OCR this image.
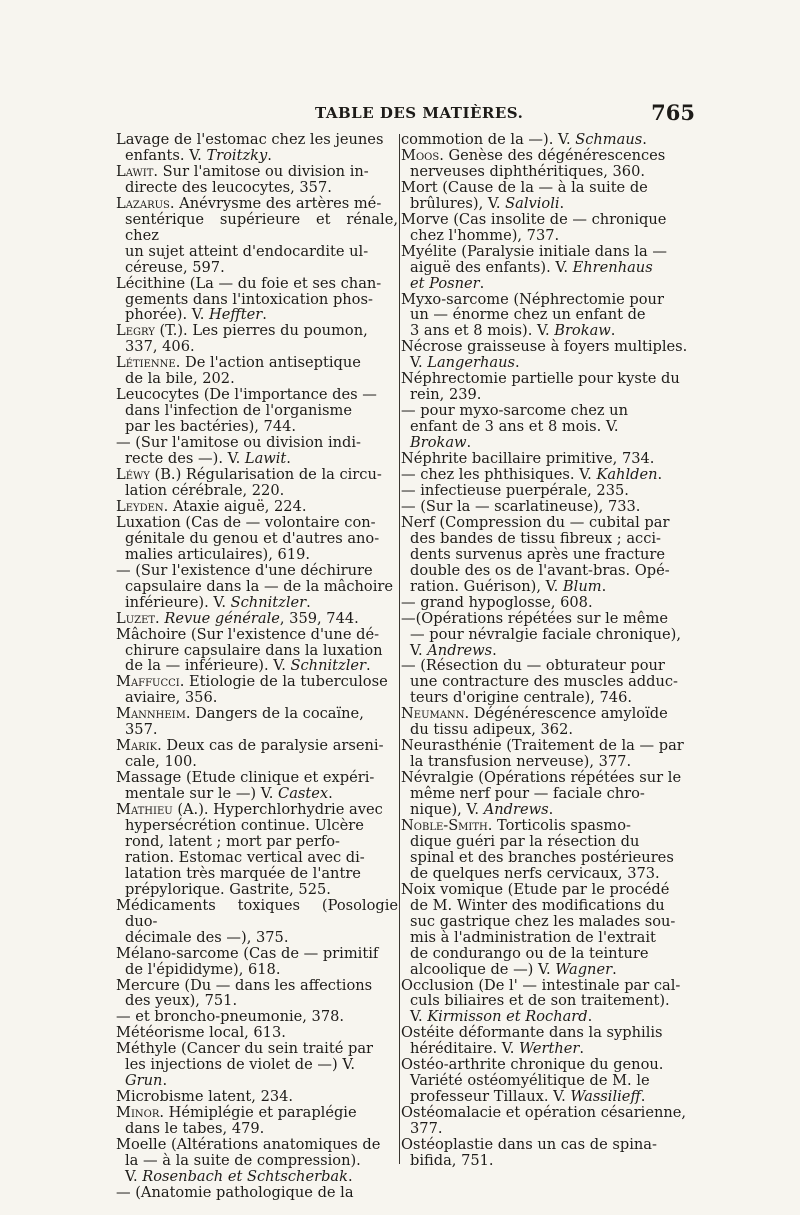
TABLE DES MATIÈRES.	765

Lavage de l'estomac chez les jeunes
enfants. V. Troitzky.

Lawit. Sur l'amitose ou division in-
directe des leucocytes, 357.

Lazarus. Anévrysme des artères mé-
sentérique supérieure et rénale, chez
un sujet atteint d'endocardite ul-
céreuse, 597.

Lécithine (La — du foie et ses chan-
gements dans l'intoxication phos-
phorée). V. Heffter.

Legry (T.). Les pierres du poumon,
337, 406.

Létienne. De l'action antiseptique
de la bile, 202.

Leucocytes (De l'importance des —
dans l'infection de l'organisme
par les bactéries), 744.

— (Sur l'amitose ou division indi-
recte des —). V. Lawit.

Léwy (B.) Régularisation de la circu-
lation cérébrale, 220.

Leyden. Ataxie aiguë, 224.

Luxation (Cas de — volontaire con-
génitale du genou et d'autres ano-
malies articulaires), 619.

— (Sur l'existence d'une déchirure
capsulaire dans la — de la mâchoire
inférieure). V. Schnitzler.

Luzet. Revue générale, 359, 744.

Mâchoire (Sur l'existence d'une dé-
chirure capsulaire dans la luxation
de la — inférieure). V. Schnitzler.

Maffucci. Etiologie de la tuberculose
aviaire, 356.

Mannheim. Dangers de la cocaïne,
357.

Marik. Deux cas de paralysie arseni-
cale, 100.

Massage (Etude clinique et expéri-
mentale sur le —) V. Castex.

Mathieu (A.). Hyperchlorhydrie avec
hypersécrétion continue. Ulcère
rond, latent ; mort par perfo-
ration. Estomac vertical avec di-
latation très marquée de l'antre
prépylorique. Gastrite, 525.

Médicaments toxiques (Posologie duo-
décimale des —), 375.

Mélano-sarcome (Cas de — primitif
de l'épididyme), 618.

Mercure (Du — dans les affections
des yeux), 751.

— et broncho-pneumonie, 378.

Météorisme local, 613.

Méthyle (Cancer du sein traité par
les injections de violet de —) V.
Grun.

Microbisme latent, 234.

Minor. Hémiplégie et paraplégie
dans le tabes, 479.

Moelle (Altérations anatomiques de
la — à la suite de compression).
V. Rosenbach et Schtscherbak.

— (Anatomie pathologique de la

commotion de la —). V. Schmaus.

Moos. Genèse des dégénérescences
nerveuses diphthéritiques, 360.

Mort (Cause de la — à la suite de
brûlures), V. Salvioli.

Morve (Cas insolite de — chronique
chez l'homme), 737.

Myélite (Paralysie initiale dans la —
aiguë des enfants). V. Ehrenhaus
et Posner.

Myxo-sarcome (Néphrectomie pour
un — énorme chez un enfant de
3 ans et 8 mois). V. Brokaw.

Nécrose graisseuse à foyers multiples.
V. Langerhaus.

Néphrectomie partielle pour kyste du
rein, 239.

— pour myxo-sarcome chez un
enfant de 3 ans et 8 mois. V.
Brokaw.

Néphrite bacillaire primitive, 734.

— chez les phthisiques. V. Kahlden.

— infectieuse puerpérale, 235.

— (Sur la — scarlatineuse), 733.

Nerf (Compression du — cubital par
des bandes de tissu fibreux ; acci-
dents survenus après une fracture
double des os de l'avant-bras. Opé-
ration. Guérison), V. Blum.

— grand hypoglosse, 608.

—(Opérations répétées sur le même
— pour névralgie faciale chronique),
V. Andrews.

— (Résection du — obturateur pour
une contracture des muscles adduc-
teurs d'origine centrale), 746.

Neumann. Dégénérescence amyloïde
du tissu adipeux, 362.

Neurasthénie (Traitement de la — par
la transfusion nerveuse), 377.

Névralgie (Opérations répétées sur le
même nerf pour — faciale chro-
nique), V. Andrews.

Noble-Smith. Torticolis spasmo-
dique guéri par la résection du
spinal et des branches postérieures
de quelques nerfs cervicaux, 373.

Noix vomique (Etude par le procédé
de M. Winter des modifications du
suc gastrique chez les malades sou-
mis à l'administration de l'extrait
de condurango ou de la teinture
alcoolique de —) V. Wagner.

Occlusion (De l' — intestinale par cal-
culs biliaires et de son traitement).
V. Kirmisson et Rochard.

Ostéite déformante dans la syphilis
héréditaire. V. Werther.

Ostéo-arthrite chronique du genou.
Variété ostéomyélitique de M. le
professeur Tillaux. V. Wassilieff.

Ostéomalacie et opération césarienne,
377.

Ostéoplastie dans un cas de spina-
bifida, 751.
